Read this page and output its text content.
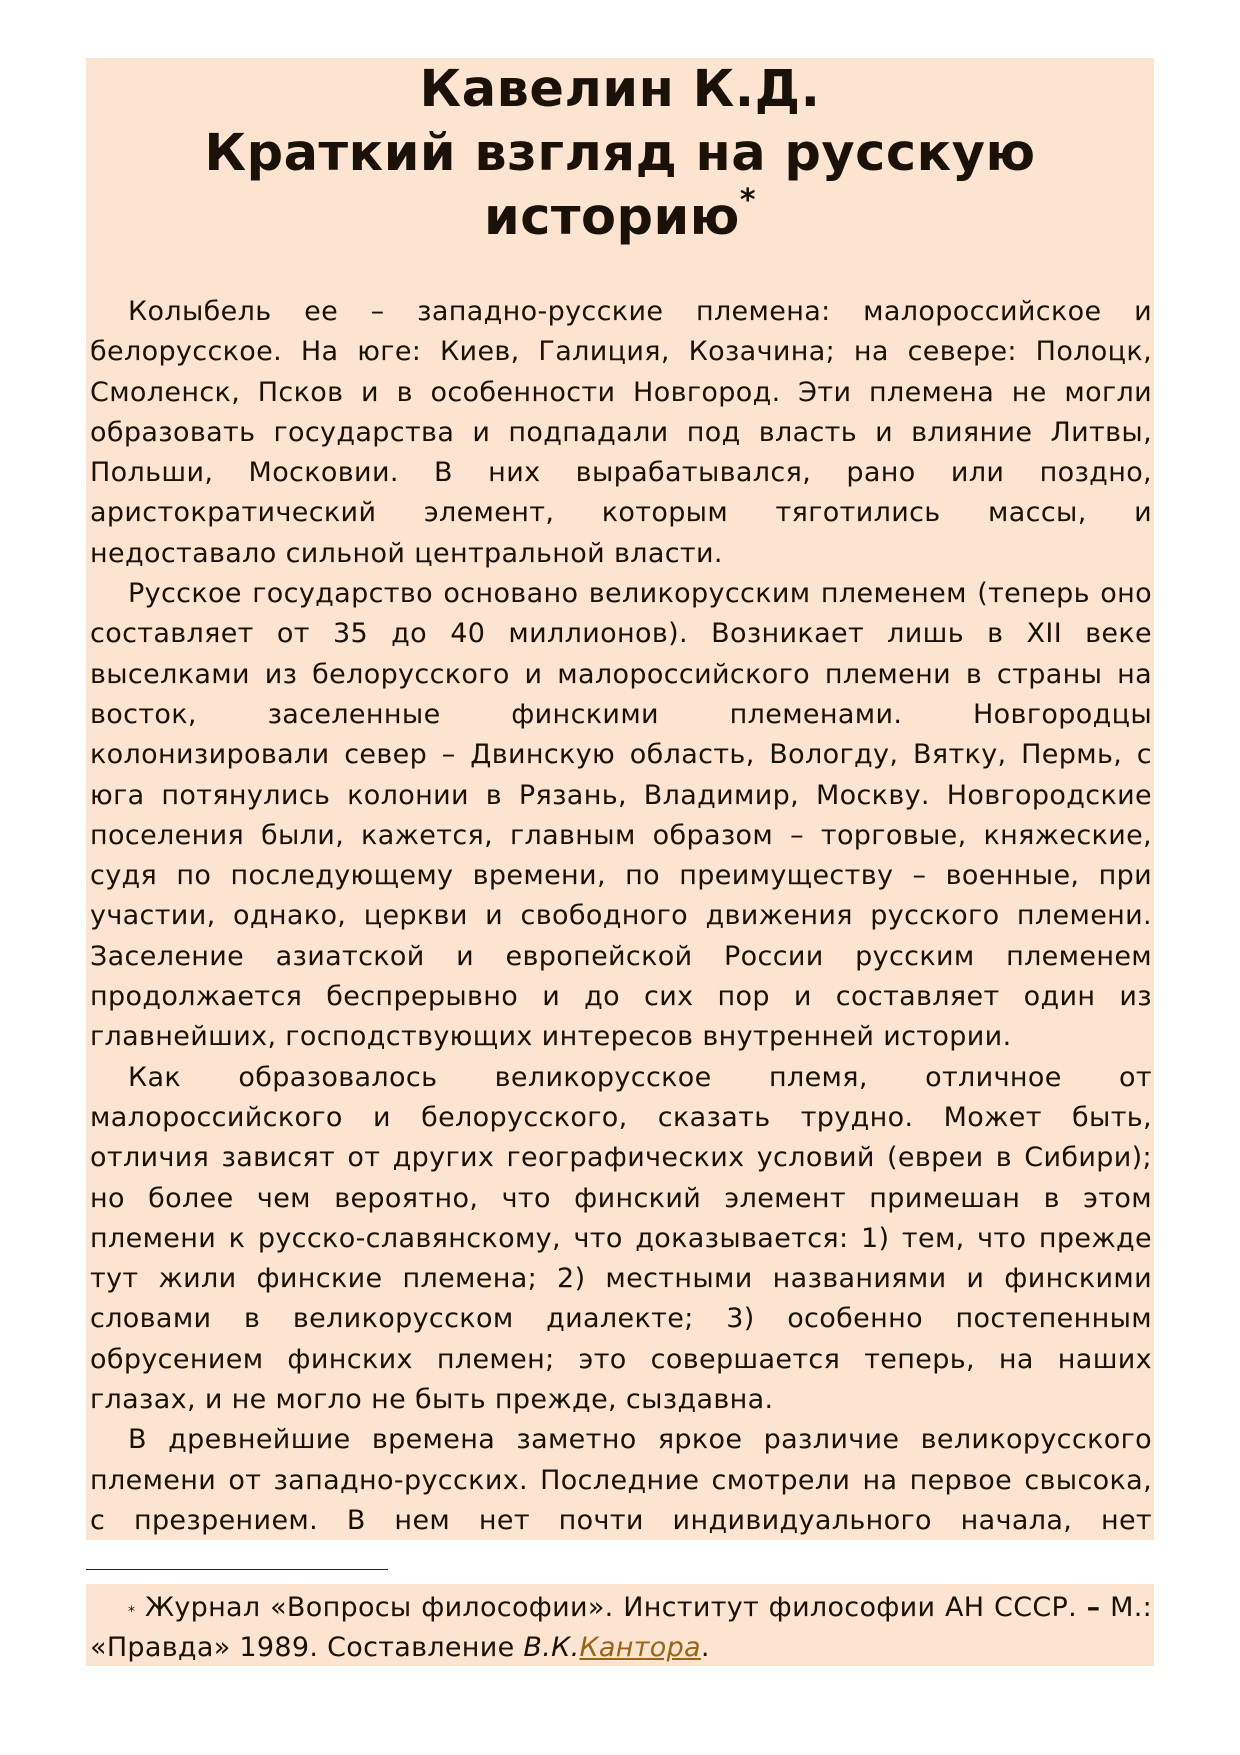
Кавелин К.Д.
Краткий взгляд на русскую
историю*

Колыбель ее – западно-русские племена: малороссийское и белорусское. На юге: Киев, Галиция, Козачина; на севере: Полоцк, Смоленск, Псков и в особенности Новгород. Эти племена не могли образовать государства и подпадали под власть и влияние Литвы, Польши, Московии. В них вырабатывался, рано или поздно, аристократический элемент, которым тяготились массы, и недоставало сильной центральной власти.

Русское государство основано великорусским племенем (теперь оно составляет от 35 до 40 миллионов). Возникает лишь в XII веке выселками из белорусского и малороссийского племени в страны на восток, заселенные финскими племенами. Новгородцы колонизировали север – Двинскую область, Вологду, Вятку, Пермь, с юга потянулись колонии в Рязань, Владимир, Москву. Новгородские поселения были, кажется, главным образом – торговые, княжеские, судя по последующему времени, по преимуществу – военные, при участии, однако, церкви и свободного движения русского племени. Заселение азиатской и европейской России русским племенем продолжается беспрерывно и до сих пор и составляет один из главнейших, господствующих интересов внутренней истории.

Как образовалось великорусское племя, отличное от малороссийского и белорусского, сказать трудно. Может быть, отличия зависят от других географических условий (евреи в Сибири); но более чем вероятно, что финский элемент примешан в этом племени к русско-славянскому, что доказывается: 1) тем, что прежде тут жили финские племена; 2) местными названиями и финскими словами в великорусском диалекте; 3) особенно постепенным обрусением финских племен; это совершается теперь, на наших глазах, и не могло не быть прежде, сыздавна.

В древнейшие времена заметно яркое различие великорусского племени от западно-русских. Последние смотрели на первое свысока, с презрением. В нем нет почти индивидуального начала, нет

* Журнал «Вопросы философии». Институт философии АН СССР. – М.: «Правда» 1989. Составление В.К.Кантора.
